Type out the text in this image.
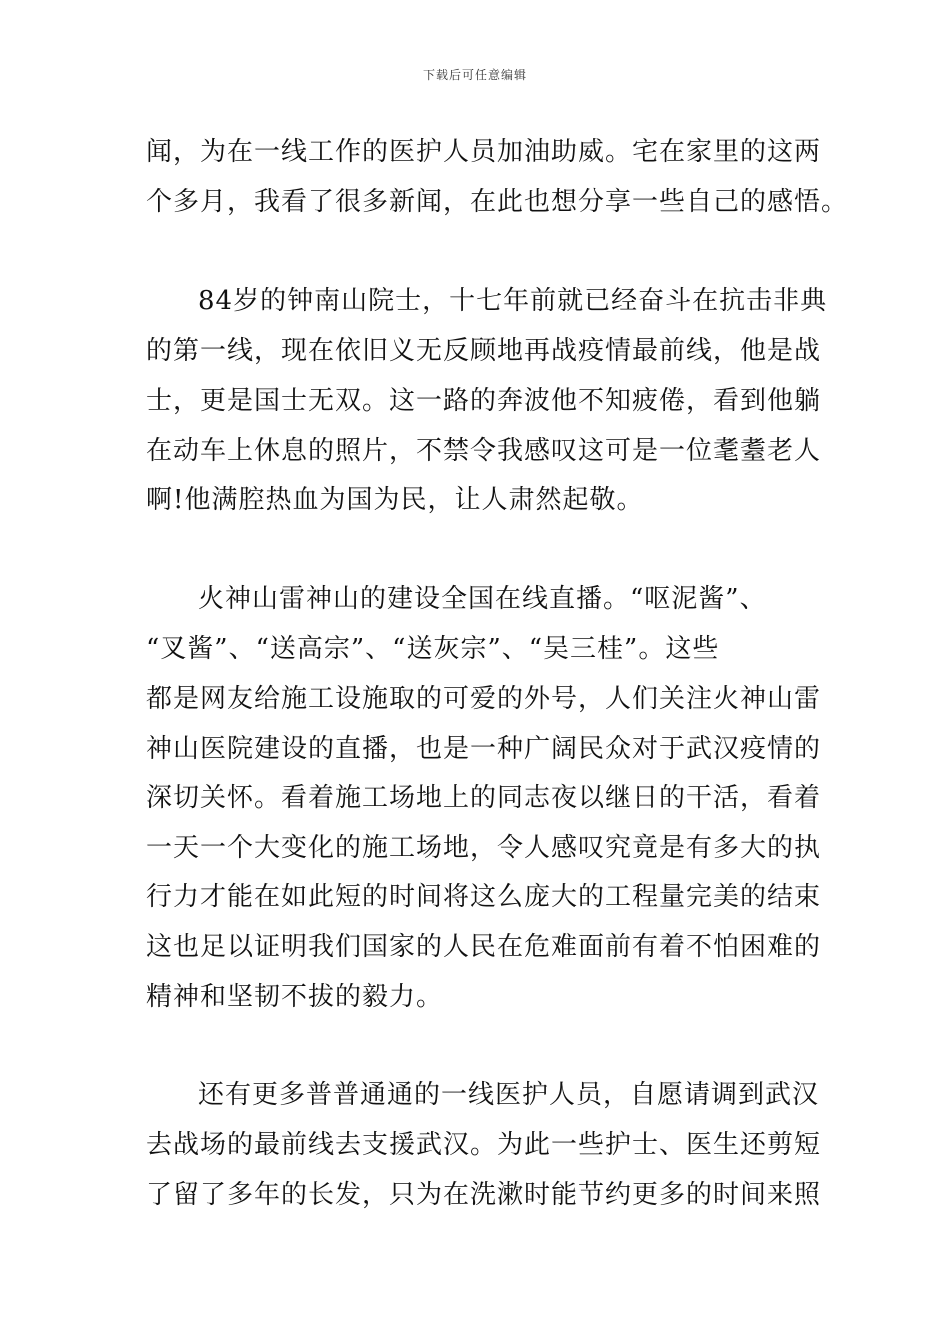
下载后可任意编辑
闻，为在一线工作的医护人员加油助威。宅在家里的这两
个多月，我看了很多新闻，在此也想分享一些自己的感悟。
84岁的钟南山院士，十七年前就已经奋斗在抗击非典
的第一线，现在依旧义无反顾地再战疫情最前线，他是战
士，更是国士无双。这一路的奔波他不知疲倦，看到他躺
在动车上休息的照片，不禁令我感叹这可是一位耄耋老人
啊!他满腔热血为国为民，让人肃然起敬。
火神山雷神山的建设全国在线直播。“呕泥酱”、
“叉酱”、“送高宗”、“送灰宗”、“吴三桂”。这些
都是网友给施工设施取的可爱的外号，人们关注火神山雷
神山医院建设的直播，也是一种广阔民众对于武汉疫情的
深切关怀。看着施工场地上的同志夜以继日的干活，看着
一天一个大变化的施工场地，令人感叹究竟是有多大的执
行力才能在如此短的时间将这么庞大的工程量完美的结束
这也足以证明我们国家的人民在危难面前有着不怕困难的
精神和坚韧不拔的毅力。
还有更多普普通通的一线医护人员，自愿请调到武汉
去战场的最前线去支援武汉。为此一些护士、医生还剪短
了留了多年的长发，只为在洗漱时能节约更多的时间来照
